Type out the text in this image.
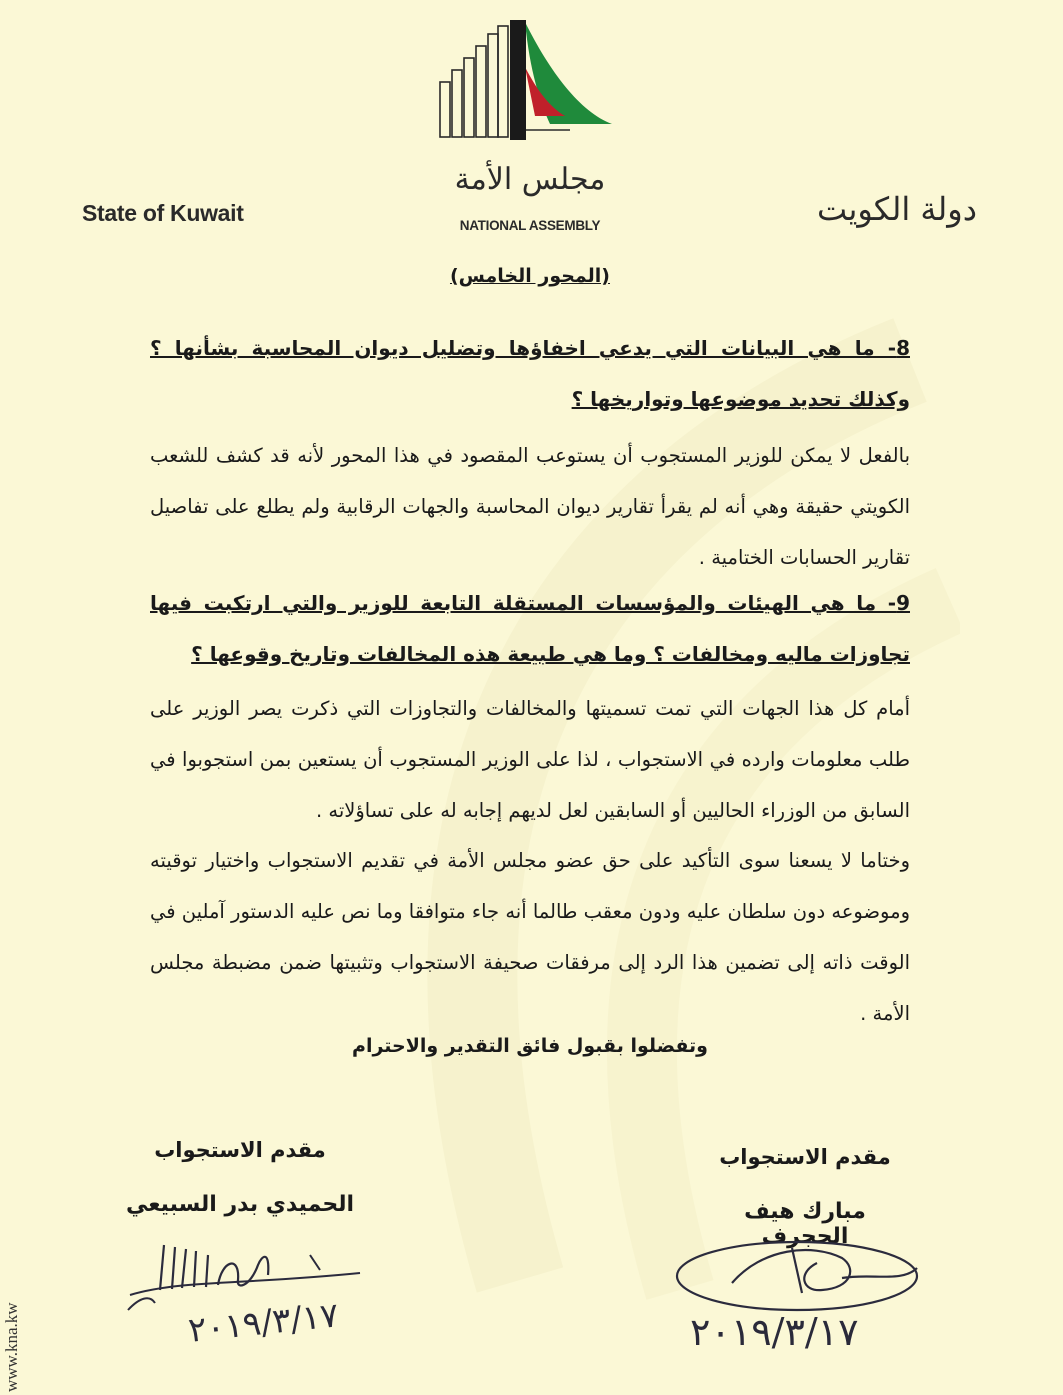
مجلس الأمة
NATIONAL ASSEMBLY
State of Kuwait	دولة الكويت
(المحور الخامس)
8- ما هي البيانات التي يدعي اخفاؤها وتضليل ديوان المحاسبة بشأنها ؟ وكذلك تحديد موضوعها وتواريخها ؟
بالفعل لا يمكن للوزير المستجوب أن يستوعب المقصود في هذا المحور لأنه قد كشف للشعب الكويتي حقيقة وهي أنه لم يقرأ تقارير ديوان المحاسبة والجهات الرقابية ولم يطلع على تفاصيل تقارير الحسابات الختامية .
9- ما هي الهيئات والمؤسسات المستقلة التابعة للوزير والتي ارتكبت فيها تجاوزات ماليه ومخالفات ؟ وما هي طبيعة هذه المخالفات وتاريخ وقوعها ؟
أمام كل هذا الجهات التي تمت تسميتها والمخالفات والتجاوزات التي ذكرت يصر الوزير على طلب معلومات وارده في الاستجواب ، لذا على الوزير المستجوب أن يستعين بمن استجوبوا في السابق من الوزراء الحاليين أو السابقين لعل لديهم إجابه له على تساؤلاته .
وختاما لا يسعنا سوى التأكيد على حق عضو مجلس الأمة في تقديم الاستجواب واختيار توقيته وموضوعه دون سلطان عليه ودون معقب طالما أنه جاء متوافقا وما نص عليه الدستور آملين في الوقت ذاته إلى تضمين هذا الرد إلى مرفقات صحيفة الاستجواب وتثبيتها ضمن مضبطة مجلس الأمة .
وتفضلوا بقبول فائق التقدير والاحترام
مقدم الاستجواب
الحميدي بدر السبيعي
مقدم الاستجواب
مبارك هيف الحجرف
٢٠١٩/٣/١٧	٢٠١٩/٣/١٧
www.kna.kw
